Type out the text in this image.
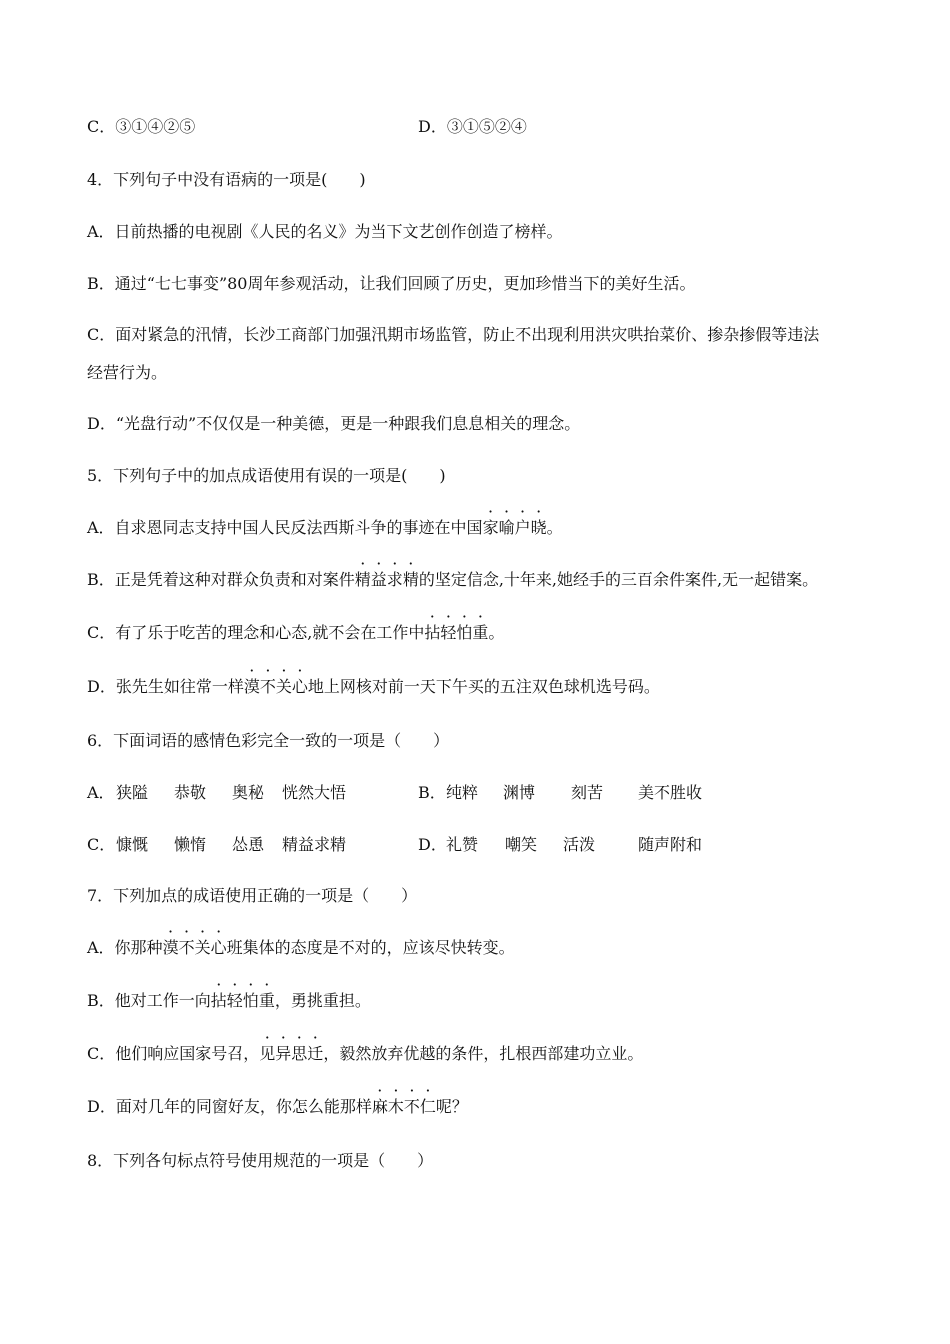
C．③①④②⑤	D．③①⑤②④
4．下列句子中没有语病的一项是(　　)
A．日前热播的电视剧《人民的名义》为当下文艺创作创造了榜样。
B．通过“七七事变”80周年参观活动，让我们回顾了历史，更加珍惜当下的美好生活。
C．面对紧急的汛情，长沙工商部门加强汛期市场监管，防止不出现利用洪灾哄抬菜价、掺杂掺假等违法
经营行为。
D．“光盘行动”不仅仅是一种美德，更是一种跟我们息息相关的理念。
5．下列句子中的加点成语使用有误的一项是(　　)
A．自求恩同志支持中国人民反法西斯斗争的事迹在中国家喻户晓。
B．正是凭着这种对群众负责和对案件精益求精的坚定信念,十年来,她经手的三百余件案件,无一起错案。
C．有了乐于吃苦的理念和心态,就不会在工作中拈轻怕重。
D．张先生如往常一样漠不关心地上网核对前一天下午买的五注双色球机选号码。
6．下面词语的感情色彩完全一致的一项是（　　）
A． 狭隘 恭敬 奥秘 恍然大悟	B． 纯粹 渊博 刻苦 美不胜收
C． 慷慨 懒惰 怂恿 精益求精	D． 礼赞 嘲笑 活泼	随声附和
7．下列加点的成语使用正确的一项是（　　）
A．你那种漠不关心班集体的态度是不对的，应该尽快转变。
B．他对工作一向拈轻怕重，勇挑重担。
C．他们响应国家号召，见异思迁，毅然放弃优越的条件，扎根西部建功立业。
D．面对几年的同窗好友，你怎么能那样麻木不仁呢？
8．下列各句标点符号使用规范的一项是（　　）
